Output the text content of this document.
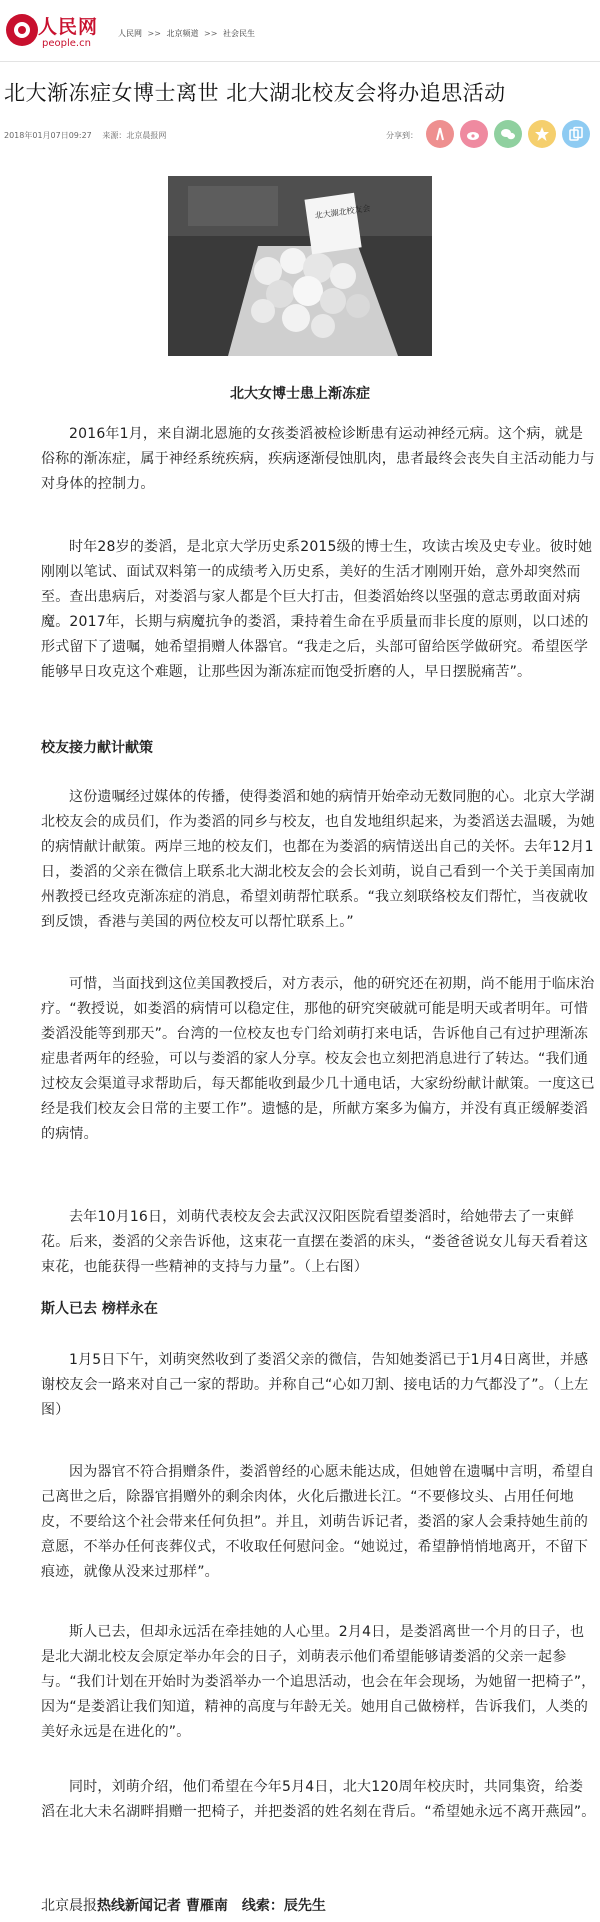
人民网
people.cn
人民网 >> 北京频道 >> 社会民生
北大渐冻症女博士离世 北大湖北校友会将办追思活动
2018年01月07日09:27 来源：北京晨报网	分享到：
北大湖北校友会
北大女博士患上渐冻症

2016年1月，来自湖北恩施的女孩娄滔被检诊断患有运动神经元病。这个病，就是俗称的渐冻症，属于神经系统疾病，疾病逐渐侵蚀肌肉，患者最终会丧失自主活动能力与对身体的控制力。

时年28岁的娄滔，是北京大学历史系2015级的博士生，攻读古埃及史专业。彼时她刚刚以笔试、面试双料第一的成绩考入历史系，美好的生活才刚刚开始，意外却突然而至。查出患病后，对娄滔与家人都是个巨大打击，但娄滔始终以坚强的意志勇敢面对病魔。2017年，长期与病魔抗争的娄滔，秉持着生命在乎质量而非长度的原则，以口述的形式留下了遗嘱，她希望捐赠人体器官。“我走之后，头部可留给医学做研究。希望医学能够早日攻克这个难题，让那些因为渐冻症而饱受折磨的人，早日摆脱痛苦”。

校友接力献计献策

这份遗嘱经过媒体的传播，使得娄滔和她的病情开始牵动无数同胞的心。北京大学湖北校友会的成员们，作为娄滔的同乡与校友，也自发地组织起来，为娄滔送去温暖，为她的病情献计献策。两岸三地的校友们，也都在为娄滔的病情送出自己的关怀。去年12月1日，娄滔的父亲在微信上联系北大湖北校友会的会长刘萌，说自己看到一个关于美国南加州教授已经攻克渐冻症的消息，希望刘萌帮忙联系。“我立刻联络校友们帮忙，当夜就收到反馈，香港与美国的两位校友可以帮忙联系上。”

可惜，当面找到这位美国教授后，对方表示，他的研究还在初期，尚不能用于临床治疗。“教授说，如娄滔的病情可以稳定住，那他的研究突破就可能是明天或者明年。可惜娄滔没能等到那天”。台湾的一位校友也专门给刘萌打来电话，告诉他自己有过护理渐冻症患者两年的经验，可以与娄滔的家人分享。校友会也立刻把消息进行了转达。“我们通过校友会渠道寻求帮助后，每天都能收到最少几十通电话，大家纷纷献计献策。一度这已经是我们校友会日常的主要工作”。遗憾的是，所献方案多为偏方，并没有真正缓解娄滔的病情。

去年10月16日，刘萌代表校友会去武汉汉阳医院看望娄滔时，给她带去了一束鲜花。后来，娄滔的父亲告诉他，这束花一直摆在娄滔的床头，“娄爸爸说女儿每天看着这束花，也能获得一些精神的支持与力量”。（上右图）

斯人已去 榜样永在

1月5日下午，刘萌突然收到了娄滔父亲的微信，告知她娄滔已于1月4日离世，并感谢校友会一路来对自己一家的帮助。并称自己“心如刀割、接电话的力气都没了”。（上左图）

因为器官不符合捐赠条件，娄滔曾经的心愿未能达成，但她曾在遗嘱中言明，希望自己离世之后，除器官捐赠外的剩余肉体，火化后撒进长江。“不要修坟头、占用任何地皮，不要给这个社会带来任何负担”。并且，刘萌告诉记者，娄滔的家人会秉持她生前的意愿，不举办任何丧葬仪式，不收取任何慰问金。“她说过，希望静悄悄地离开，不留下痕迹，就像从没来过那样”。

斯人已去，但却永远活在牵挂她的人心里。2月4日，是娄滔离世一个月的日子，也是北大湖北校友会原定举办年会的日子，刘萌表示他们希望能够请娄滔的父亲一起参与。“我们计划在开始时为娄滔举办一个追思活动，也会在年会现场，为她留一把椅子”，因为“是娄滔让我们知道，精神的高度与年龄无关。她用自己做榜样，告诉我们，人类的美好永远是在进化的”。

同时，刘萌介绍，他们希望在今年5月4日，北大120周年校庆时，共同集资，给娄滔在北大未名湖畔捐赠一把椅子，并把娄滔的姓名刻在背后。“希望她永远不离开燕园”。

北京晨报热线新闻记者 曹雁南　线索：辰先生
